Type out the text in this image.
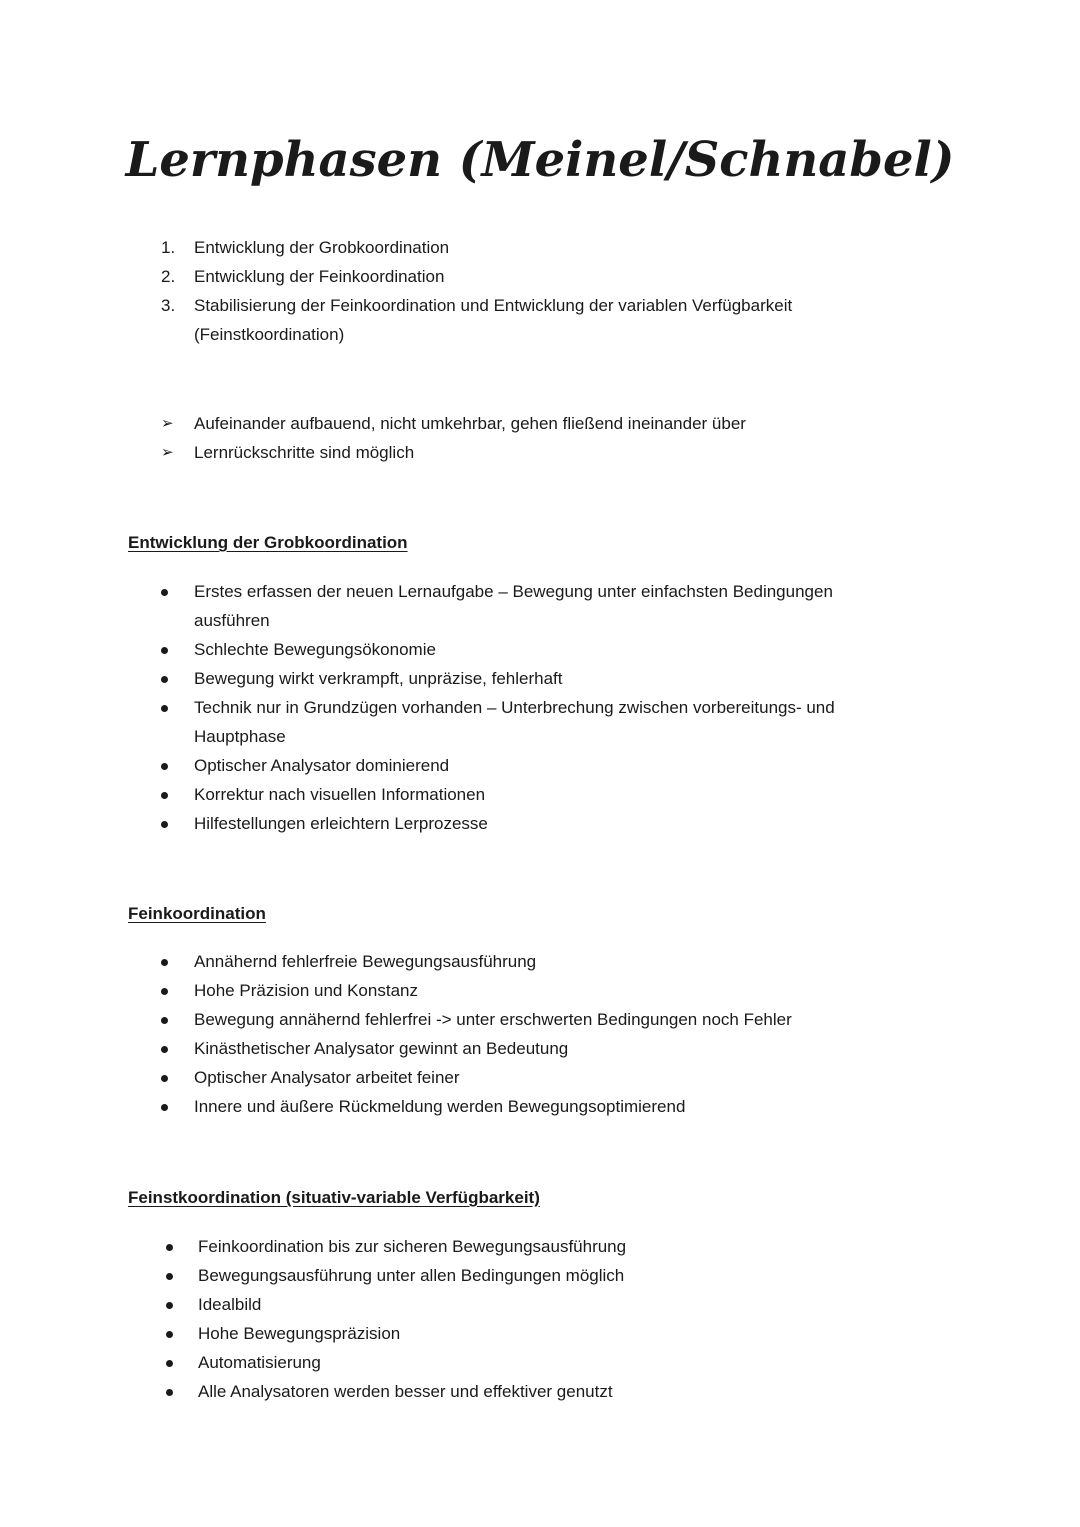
Lernphasen (Meinel/Schnabel)
1. Entwicklung der Grobkoordination
2. Entwicklung der Feinkoordination
3. Stabilisierung der Feinkoordination und Entwicklung der variablen Verfügbarkeit (Feinstkoordination)
➢ Aufeinander aufbauend, nicht umkehrbar, gehen fließend ineinander über
➢ Lernrückschritte sind möglich
Entwicklung der Grobkoordination
Erstes erfassen der neuen Lernaufgabe – Bewegung unter einfachsten Bedingungen ausführen
Schlechte Bewegungsökonomie
Bewegung wirkt verkrampft, unpräzise, fehlerhaft
Technik nur in Grundzügen vorhanden – Unterbrechung zwischen vorbereitungs- und Hauptphase
Optischer Analysator dominierend
Korrektur nach visuellen Informationen
Hilfestellungen erleichtern Lerprozesse
Feinkoordination
Annähernd fehlerfreie Bewegungsausführung
Hohe Präzision und Konstanz
Bewegung annähernd fehlerfrei -> unter erschwerten Bedingungen noch Fehler
Kinästhetischer Analysator gewinnt an Bedeutung
Optischer Analysator arbeitet feiner
Innere und äußere Rückmeldung werden Bewegungsoptimierend
Feinstkoordination (situativ-variable Verfügbarkeit)
Feinkoordination bis zur sicheren Bewegungsausführung
Bewegungsausführung unter allen Bedingungen möglich
Idealbild
Hohe Bewegungspräzision
Automatisierung
Alle Analysatoren werden besser und effektiver genutzt
